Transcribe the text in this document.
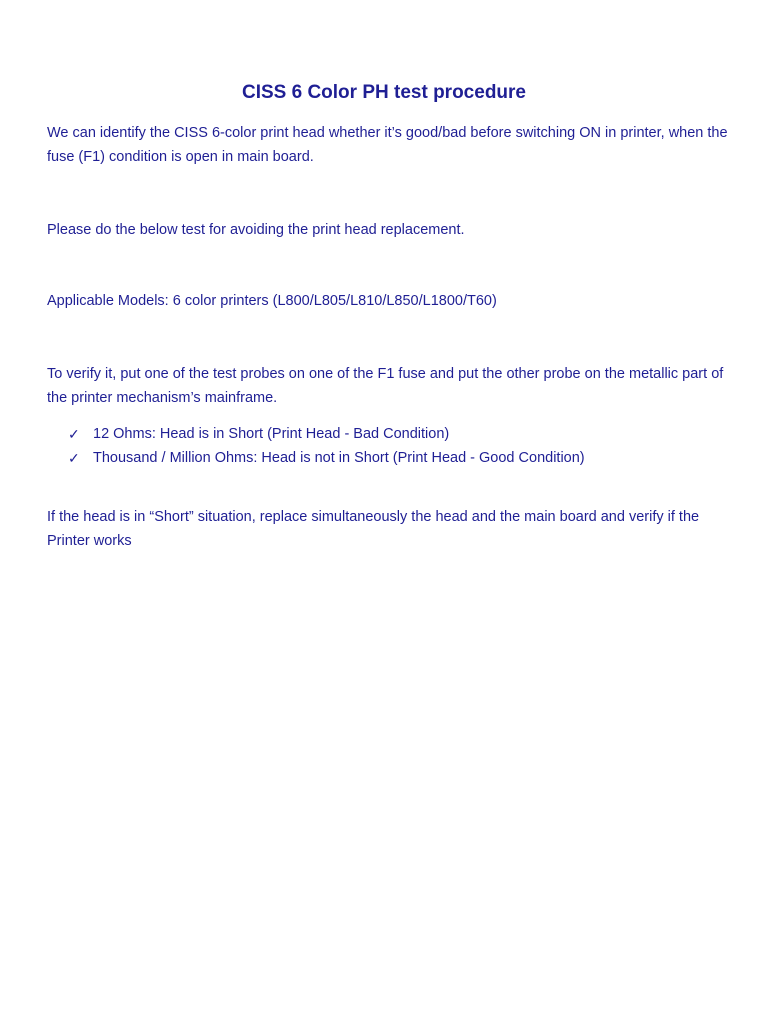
CISS 6 Color PH test procedure
We can identify the CISS 6-color print head whether it’s good/bad before switching ON in printer, when the fuse (F1) condition is open in main board.
Please do the below test for avoiding the print head replacement.
Applicable Models: 6 color printers (L800/L805/L810/L850/L1800/T60)
To verify it, put one of the test probes on one of the F1 fuse and put the other probe on the metallic part of the printer mechanism’s mainframe.
✓ 12 Ohms: Head is in Short (Print Head - Bad Condition)
✓ Thousand / Million Ohms: Head is not in Short (Print Head - Good Condition)
If the head is in “Short” situation, replace simultaneously the head and the main board and verify if the Printer works
